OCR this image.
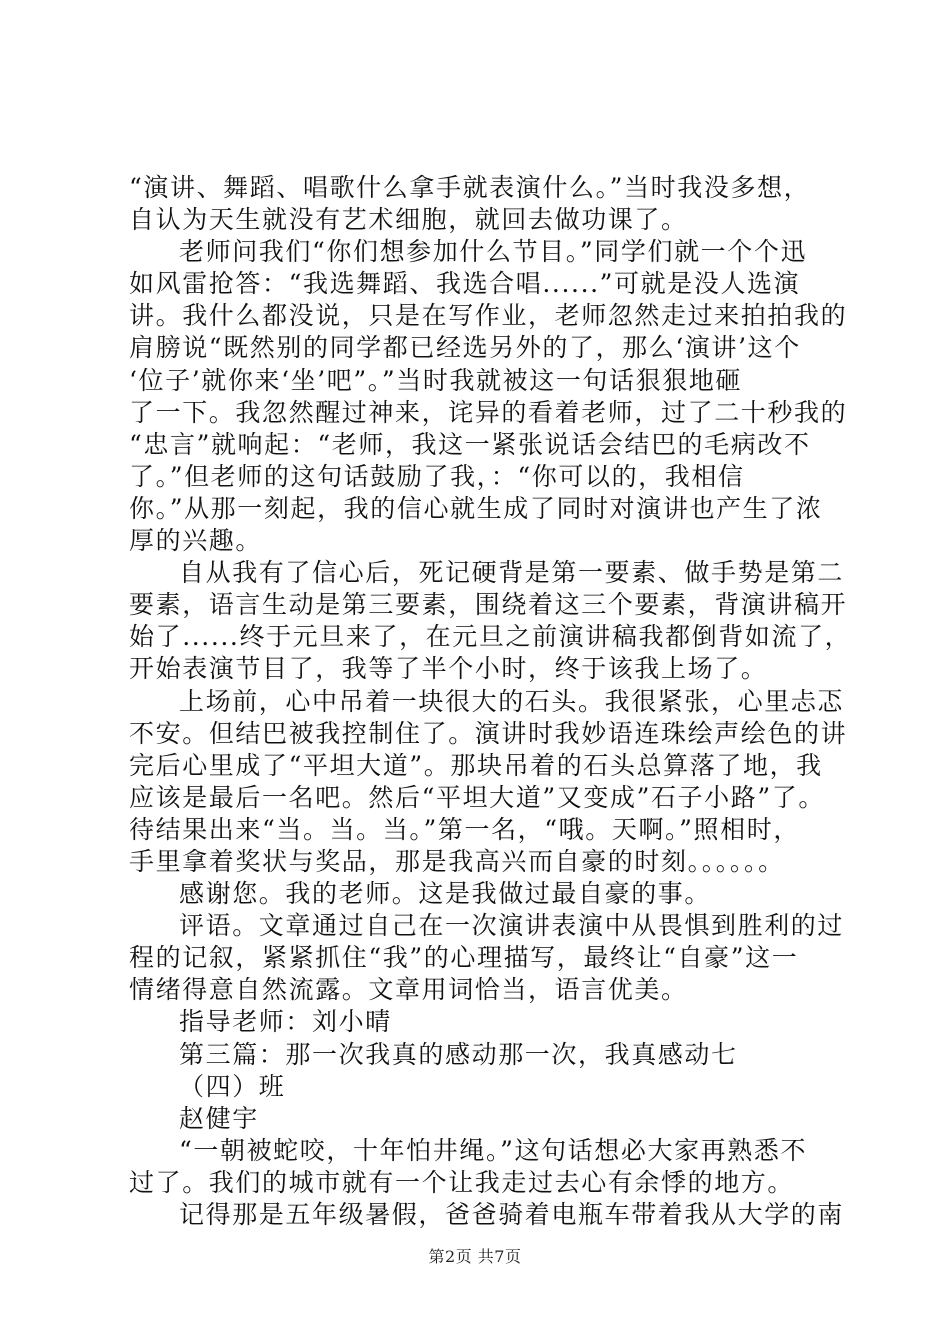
“演讲、舞蹈、唱歌什么拿手就表演什么。”当时我没多想，
自认为天生就没有艺术细胞，就回去做功课了。
老师问我们“你们想参加什么节目。”同学们就一个个迅
如风雷抢答：“我选舞蹈、我选合唱......”可就是没人选演
讲。我什么都没说，只是在写作业，老师忽然走过来拍拍我的
肩膀说“既然别的同学都已经选另外的了，那么‘演讲’这个
‘位子’就你来‘坐’吧”。”当时我就被这一句话狠狠地砸
了一下。我忽然醒过神来，诧异的看着老师，过了二十秒我的
“忠言”就响起：“老师，我这一紧张说话会结巴的毛病改不
了。”但老师的这句话鼓励了我，：“你可以的，我相信
你。”从那一刻起，我的信心就生成了同时对演讲也产生了浓
厚的兴趣。
自从我有了信心后，死记硬背是第一要素、做手势是第二
要素，语言生动是第三要素，围绕着这三个要素，背演讲稿开
始了......终于元旦来了，在元旦之前演讲稿我都倒背如流了，
开始表演节目了，我等了半个小时，终于该我上场了。
上场前，心中吊着一块很大的石头。我很紧张，心里忐忑
不安。但结巴被我控制住了。演讲时我妙语连珠绘声绘色的讲
完后心里成了“平坦大道”。那块吊着的石头总算落了地，我
应该是最后一名吧。然后“平坦大道”又变成”石子小路”了。
待结果出来“当。当。当。”第一名，“哦。天啊。”照相时，
手里拿着奖状与奖品，那是我高兴而自豪的时刻。。。。。。
感谢您。我的老师。这是我做过最自豪的事。
评语。文章通过自己在一次演讲表演中从畏惧到胜利的过
程的记叙，紧紧抓住“我”的心理描写，最终让“自豪”这一
情绪得意自然流露。文章用词恰当，语言优美。
指导老师：刘小晴
第三篇：那一次我真的感动那一次，我真感动七
（四）班
赵健宇
“一朝被蛇咬，十年怕井绳。”这句话想必大家再熟悉不
过了。我们的城市就有一个让我走过去心有余悸的地方。
记得那是五年级暑假，爸爸骑着电瓶车带着我从大学的南
第2页 共7页
